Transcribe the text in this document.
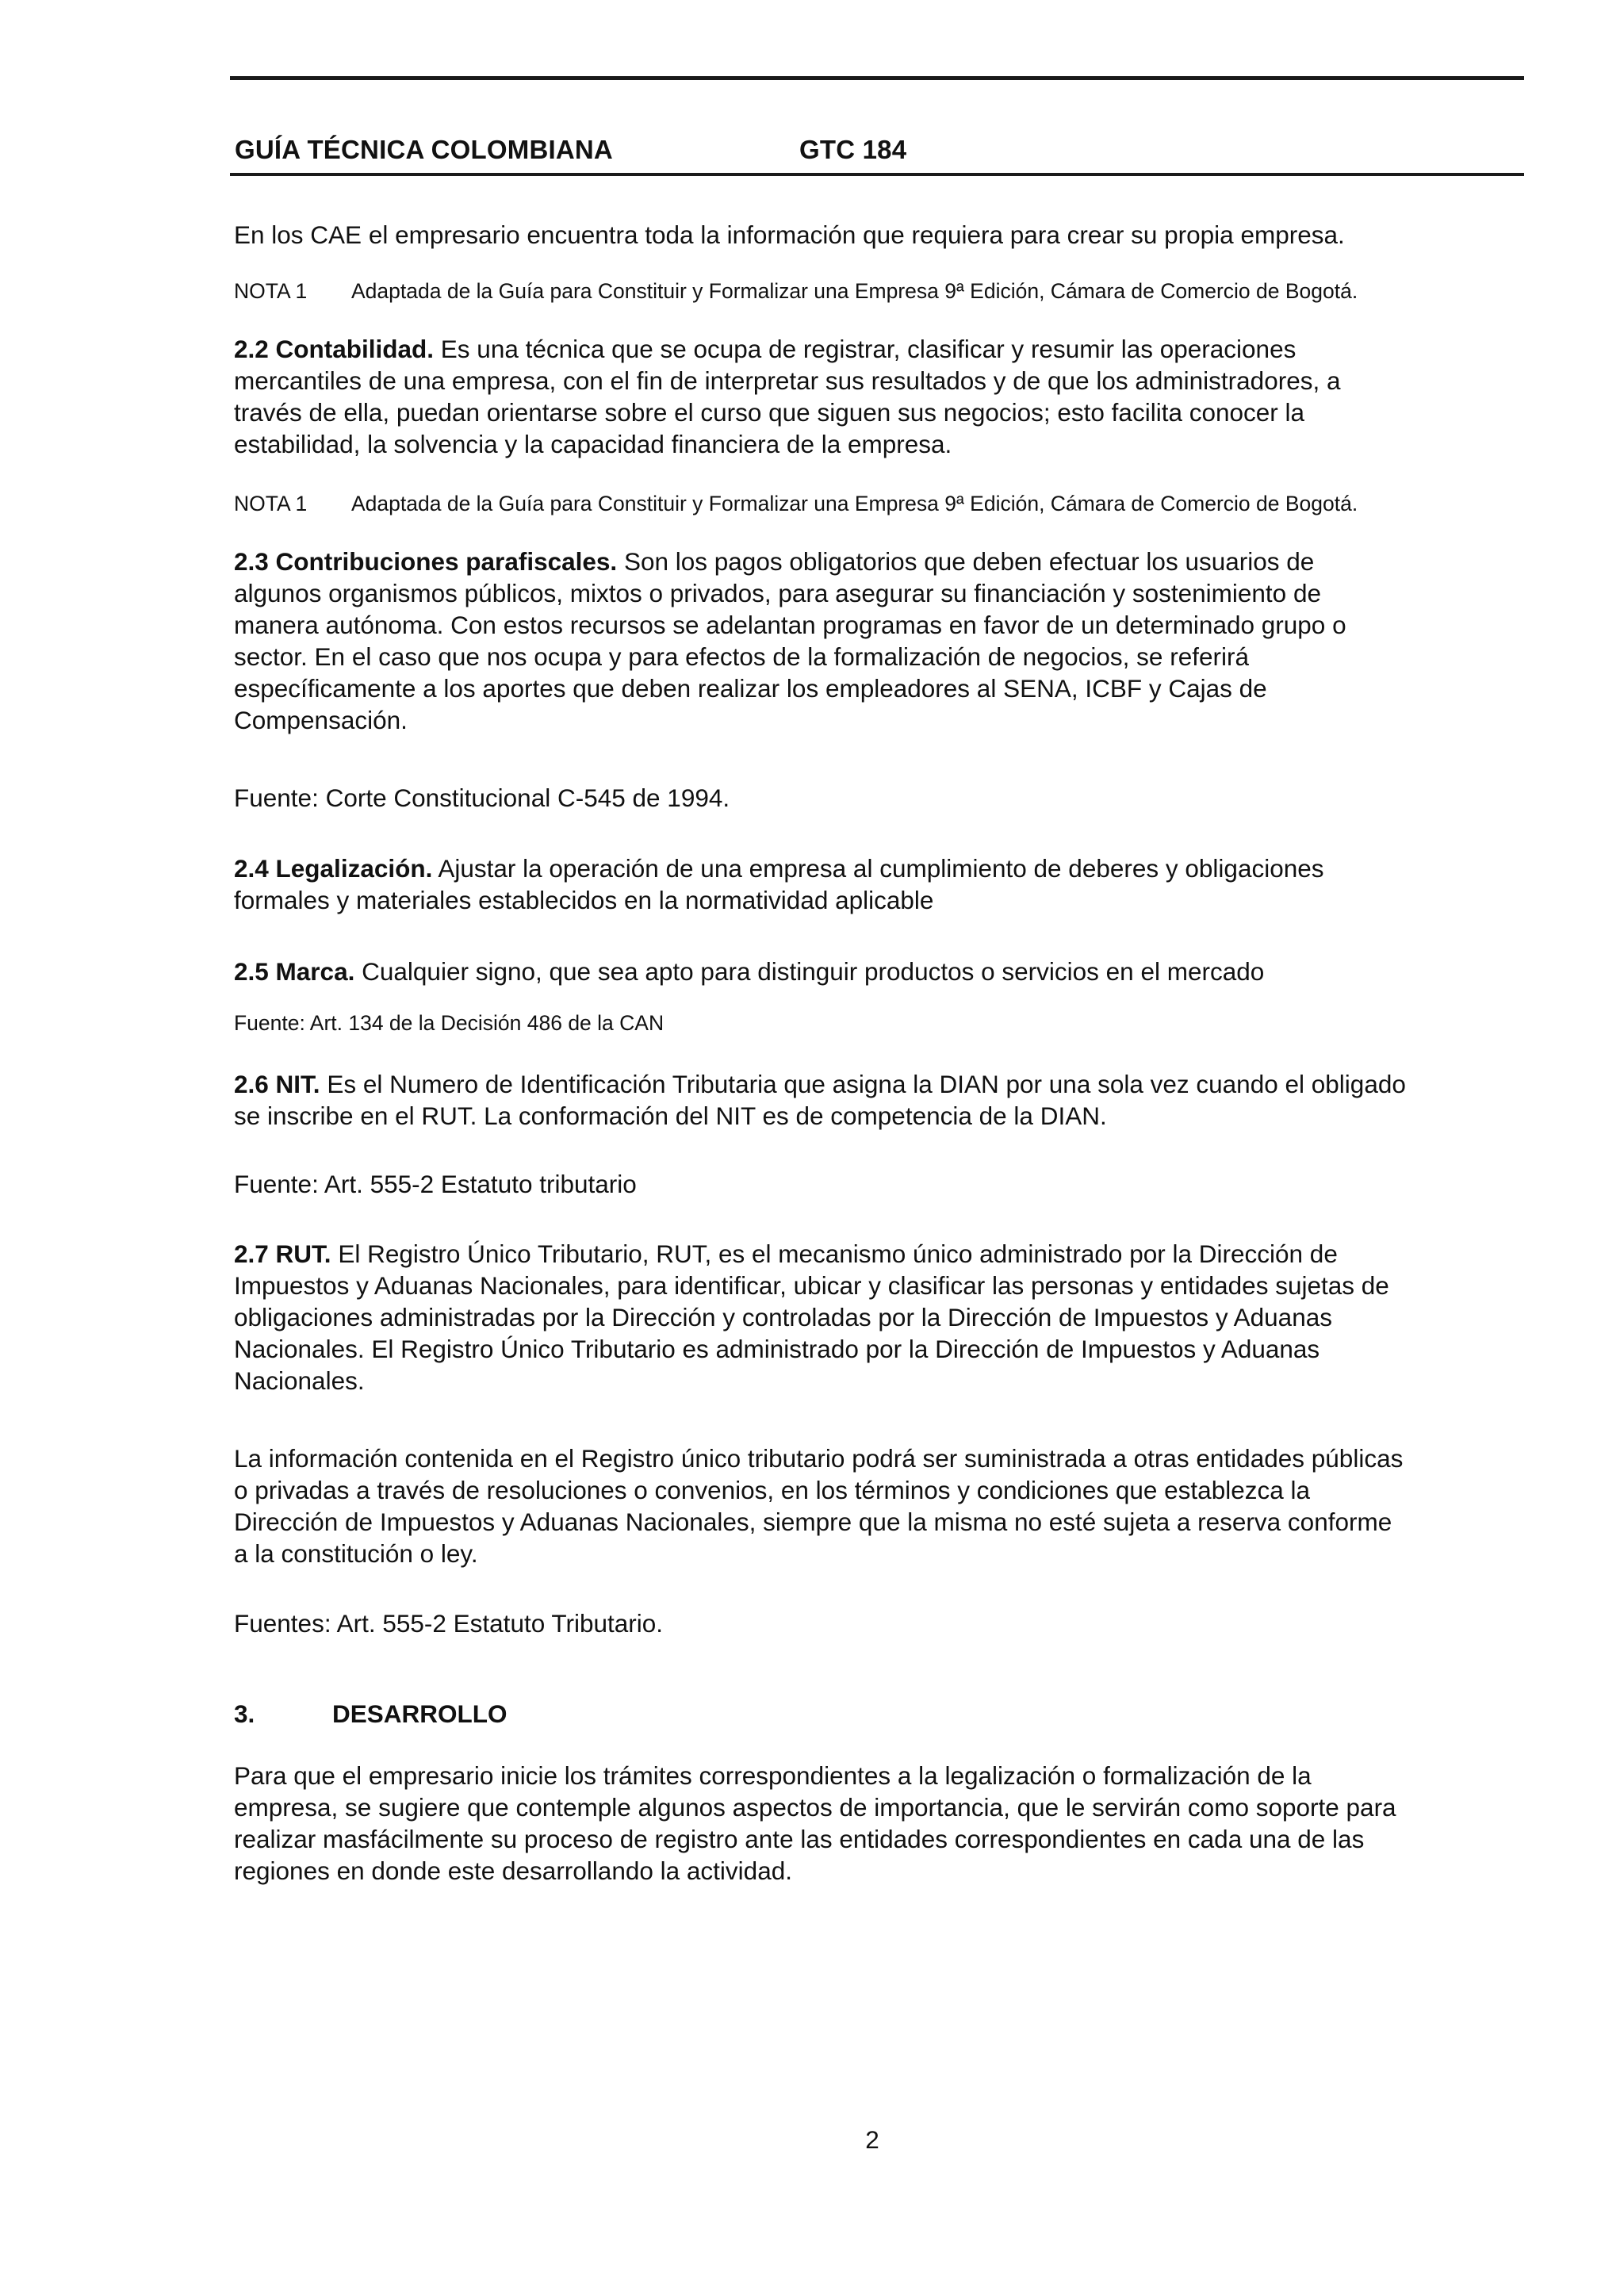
GUÍA TÉCNICA COLOMBIANA	GTC 184

En los CAE el empresario encuentra toda la información que requiera para crear su propia empresa.

NOTA 1 Adaptada de la Guía para Constituir y Formalizar una Empresa 9ª Edición, Cámara de Comercio de Bogotá.

2.2 Contabilidad. Es una técnica que se ocupa de registrar, clasificar y resumir las operaciones mercantiles de una empresa, con el fin de interpretar sus resultados y de que los administradores, a través de ella, puedan orientarse sobre el curso que siguen sus negocios; esto facilita conocer la estabilidad, la solvencia y la capacidad financiera de la empresa.

NOTA 1 Adaptada de la Guía para Constituir y Formalizar una Empresa 9ª Edición, Cámara de Comercio de Bogotá.

2.3 Contribuciones parafiscales. Son los pagos obligatorios que deben efectuar los usuarios de algunos organismos públicos, mixtos o privados, para asegurar su financiación y sostenimiento de manera autónoma. Con estos recursos se adelantan programas en favor de un determinado grupo o sector. En el caso que nos ocupa y para efectos de la formalización de negocios, se referirá específicamente a los aportes que deben realizar los empleadores al SENA, ICBF y Cajas de Compensación.

Fuente: Corte Constitucional C-545 de 1994.

2.4 Legalización. Ajustar la operación de una empresa al cumplimiento de deberes y obligaciones formales y materiales establecidos en la normatividad aplicable

2.5 Marca. Cualquier signo, que sea apto para distinguir productos o servicios en el mercado

Fuente: Art. 134 de la Decisión 486 de la CAN

2.6 NIT. Es el Numero de Identificación Tributaria que asigna la DIAN por una sola vez cuando el obligado se inscribe en el RUT. La conformación del NIT es de competencia de la DIAN.

Fuente: Art. 555-2 Estatuto tributario

2.7 RUT. El Registro Único Tributario, RUT, es el mecanismo único administrado por la Dirección de Impuestos y Aduanas Nacionales, para identificar, ubicar y clasificar las personas y entidades sujetas de obligaciones administradas por la Dirección y controladas por la Dirección de Impuestos y Aduanas Nacionales. El Registro Único Tributario es administrado por la Dirección de Impuestos y Aduanas Nacionales.

La información contenida en el Registro único tributario podrá ser suministrada a otras entidades públicas o privadas a través de resoluciones o convenios, en los términos y condiciones que establezca la Dirección de Impuestos y Aduanas Nacionales, siempre que la misma no esté sujeta a reserva conforme a la constitución o ley.

Fuentes: Art. 555-2 Estatuto Tributario.

3.	DESARROLLO

Para que el empresario inicie los trámites correspondientes a la legalización o formalización de la empresa, se sugiere que contemple algunos aspectos de importancia, que le servirán como soporte para realizar masfácilmente su proceso de registro ante las entidades correspondientes en cada una de las regiones en donde este desarrollando la actividad.

2
